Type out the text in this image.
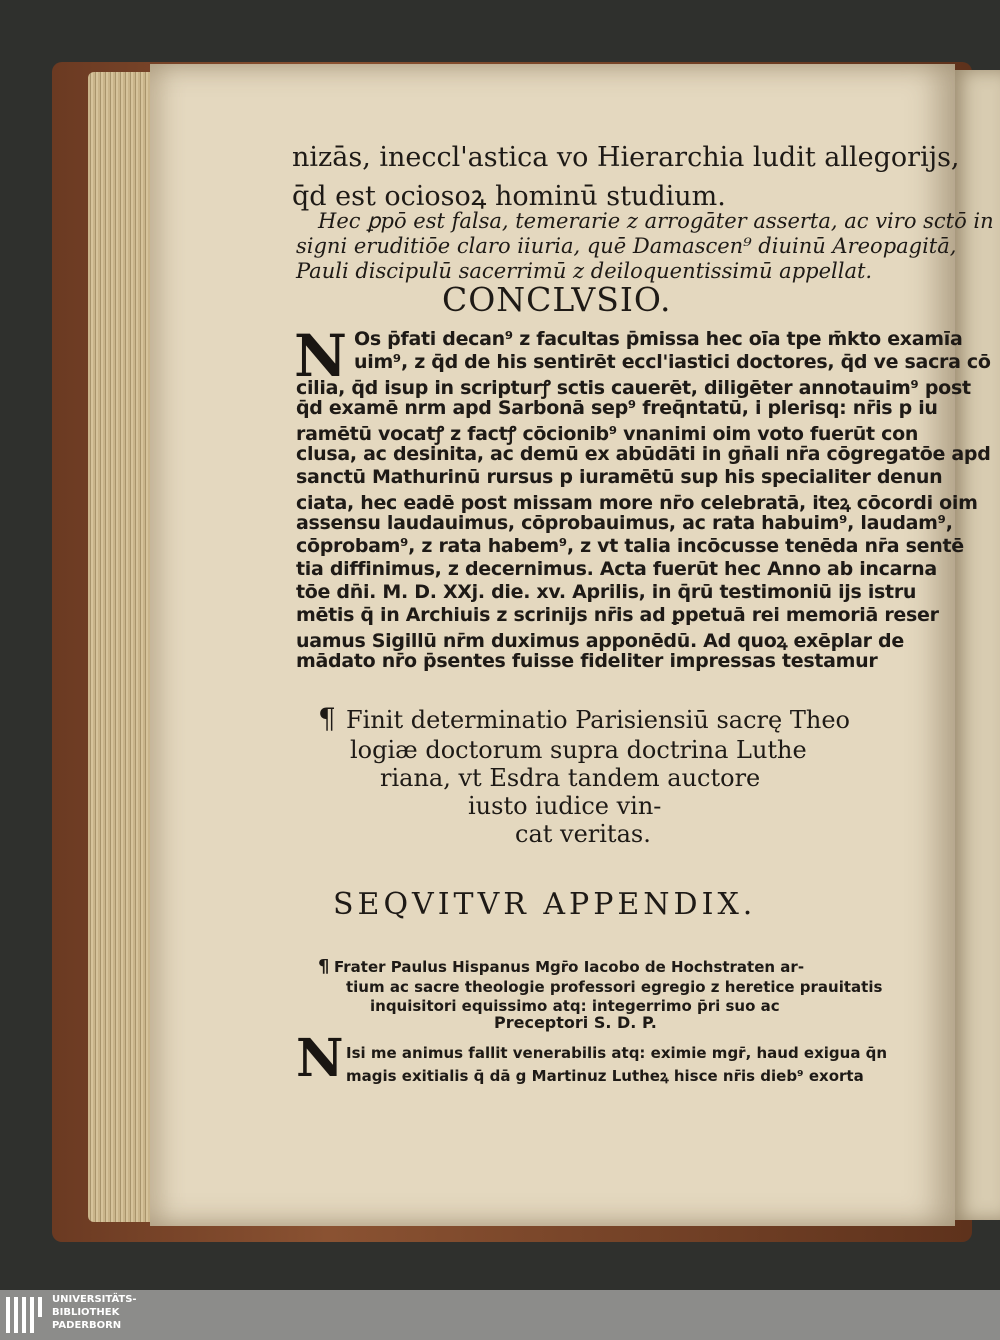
nizās, ineccl'astica vo Hierarchia ludit allegorijs,
q̄d est ociosoꝝ hominū studium.
Hec ꝑpō est falsa, temerarie z arrogāter asserta, ac viro sctō in
signi eruditiōe claro iiuria, quē Damascen⁹ diuinū Areopagitā,
Pauli discipulū sacerrimū z deiloquentissimū appellat.
CONCLVSIO.
N Os p̄fati decan⁹ z facultas p̄missa hec oīa tpe m̄kto examīa
uim⁹, z q̄d de his sentirēt eccl'iastici doctores, q̄d ve sacra cō
cilia, q̄d isup in scripturꝭ sctis cauerēt, diligēter annotauim⁹ post
q̄d examē nrm apd Sarbonā sep⁹ freq̄ntatū, i plerisq꞉ nr̄is p iu
ramētū vocatꝭ z factꝭ cōcionib⁹ vnanimi oim voto fuerūt con
clusa, ac desinita, ac demū ex abūdāti in gn̄ali nr̄a cōgregatōe apd
sanctū Mathurinū rursus p iuramētū sup his specialiter denun
ciata, hec eadē post missam more nr̄o celebratā, iteꝝ cōcordi oim
assensu laudauimus, cōprobauimus, ac rata habuim⁹, laudam⁹,
cōprobam⁹, z rata habem⁹, z vt talia incōcusse tenēda nr̄a sentē
tia diffinimus, z decernimus. Acta fuerūt hec Anno ab incarna
tōe dn̄i. M. D. XXj. die. xv. Aprilis, in q̄rū testimoniū ijs istru
mētis q̄ in Archiuis z scrinijs nr̄is ad ꝑpetuā rei memoriā reser
uamus Sigillū nr̄m duximus apponēdū. Ad quoꝝ exēplar de
mādato nr̄o p̄sentes fuisse fideliter impressas testamur
¶ Finit determinatio Parisiensiū sacrę Theo
logiæ doctorum supra doctrina Luthe
riana, vt Esdra tandem auctore
iusto iudice vin-
cat veritas.
SEQVITVR APPENDIX.
¶ Frater Paulus Hispanus Mgr̄o Iacobo de Hochstraten ar-
tium ac sacre theologie professori egregio z heretice prauitatis
inquisitori equissimo atq꞉ integerrimo p̄ri suo ac
Preceptori S. D. P.
N Isi me animus fallit venerabilis atq꞉ eximie mgr̄, haud exigua q̄n
magis exitialis q̄ dā g Martinuz Lutheꝝ hisce nr̄is dieb⁹ exorta
UNIVERSITÄTS-
BIBLIOTHEK
PADERBORN
